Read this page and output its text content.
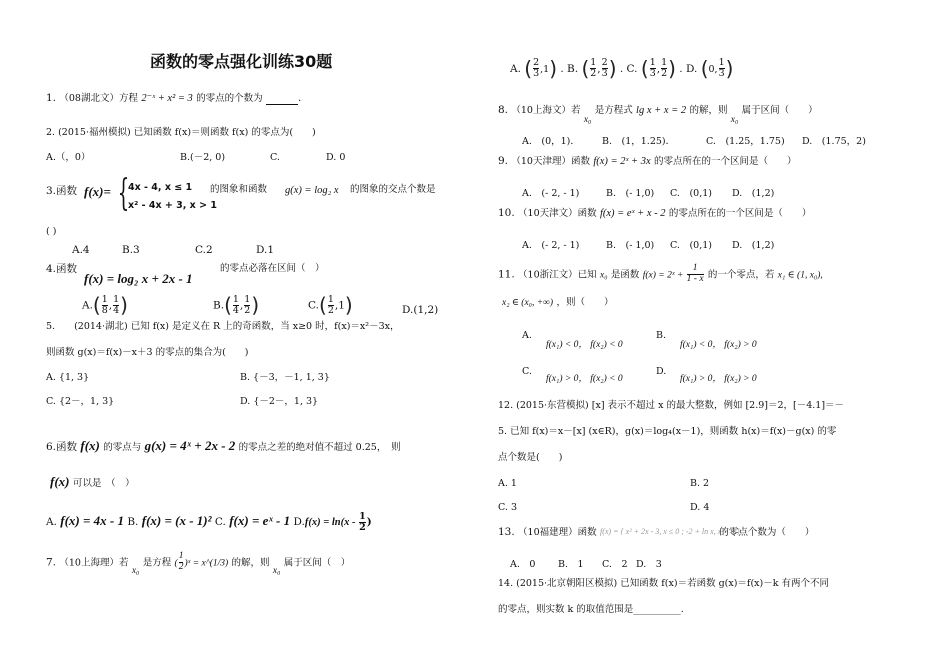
函数的零点强化训练30题
1. （08湖北文）方程 2⁻ˣ + x² = 3 的零点的个数为	.
2. (2015·福州模拟) 已知函数 f(x)＝则函数 f(x) 的零点为(　　)
A.（，0）	B.(－2, 0)	C.	D. 0
3.函数 f(x)= {
4x - 4, x ≤ 1
x² - 4x + 3, x > 1
的图象和函数 g(x) = log₂ x 的图象的交点个数是
( )
A.4	B.3	C.2	D.1
4.函数
f(x) = log₂ x + 2x - 1
的零点必落在区间（　）
$A.( \frac{1}{8}$ , $\frac{1}{4}$ )	$B.( \frac{1}{4}$ , $\frac{1}{2}$ )	$C.( \frac{1}{2} ,1)$	D.(1,2)
5.　　(2014·湖北) 已知 f(x) 是定义在 R 上的奇函数，当 x≥0 时，f(x)＝x²－3x，
则函数 g(x)＝f(x)－x＋3 的零点的集合为(　　)
A. {1, 3}	B. {－3，－1, 1, 3}
C. {2－，1, 3}	D. {－2－，1, 3}
6.函数 f(x) 的零点与 g(x) = 4ˣ + 2x - 2 的零点之差的绝对值不超过 0.25，　则
f(x) 可以是　（　）
A. f(x) = 4x - 1 B. f(x) = (x - 1)² C. f(x) = eˣ - 1 $D.f(x) = \ln(x - \frac{1}{2}$ )
7. （10上海理）若 x₀ 是方程 ( $\frac{1}{2}$ )ˣ = x^(1/3) 的解，则 x₀ 属于区间（　）
A. ( $\frac{2}{3} ,1$) . B. ( $\frac{1}{2}$ , $\frac{2}{3}$ ) . C. ( $\frac{1}{3}$ , $\frac{1}{2}$ ) . D. (0, $\frac{1}{3}$ )
8. （10上海文）若 x₀ 是方程式 lg x + x = 2 的解，则 x₀ 属于区间（　　）
A.　(0，1)． B.　(1，1.25)．	C.　(1.25，1.75) D.　(1.75，2)
9. （10天津理）函数 f(x) = 2ˣ + 3x 的零点所在的一个区间是（　　）
A.　(- 2, - 1)	B.　(- 1,0) C.　(0,1) D.　(1,2)
10. （10天津文）函数 f(x) = eˣ + x - 2 的零点所在的一个区间是（　　）
A.　(- 2, - 1)	B.　(- 1,0) C.　(0,1) D.　(1,2)
11. （10浙江文）已知 x₀ 是函数 f(x) = 2ˣ + $\frac{1}{1 - x}$ 的一个零点，若 x₁ ∈ (1, x₀),
x₂ ∈ (x₀, +∞) ，则（　　）
A.
f(x₁) < 0， f(x₂) < 0
B.
f(x₁) < 0， f(x₂) > 0
C.
f(x₁) > 0， f(x₂) < 0
D.
f(x₁) > 0， f(x₂) > 0
12. (2015·东营模拟) [x] 表示不超过 x 的最大整数，例如 [2.9]＝2，[－4.1]＝－
5. 已知 f(x)＝x－[x] (x∈R)，g(x)＝log₄(x－1)，则函数 h(x)＝f(x)－g(x) 的零
点个数是(　　)
A. 1	B. 2
C. 3	D. 4
13. （10福建理）函数 f(x) = { x² + 2x - 3, x ≤ 0 ; -2 + ln x, x > 0 } 的零点个数为（　　）
A.　0 B.　1 C.　2 D.　3
14. (2015·北京朝阳区模拟) 已知函数 f(x)＝若函数 g(x)＝f(x)－k 有两个不同
的零点，则实数 k 的取值范围是__________.
